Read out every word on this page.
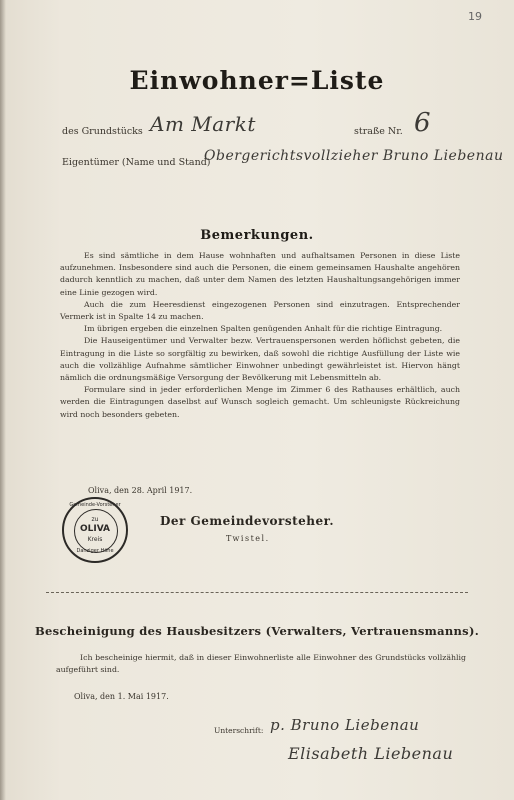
19
Einwohner=Liste
des Grundstücks Am Markt	straße Nr. 6
Eigentümer (Name und Stand)
Obergerichtsvollzieher Bruno Liebenau
Bemerkungen.

Es sind sämtliche in dem Hause wohnhaften und aufhaltsamen Personen in diese Liste aufzunehmen. Insbesondere sind auch die Personen, die einem gemeinsamen Haushalte angehören dadurch kenntlich zu machen, daß unter dem Namen des letzten Haushaltungsangehörigen immer eine Linie gezogen wird.

Auch die zum Heeresdienst eingezogenen Personen sind einzutragen. Entsprechender Vermerk ist in Spalte 14 zu machen.

Im übrigen ergeben die einzelnen Spalten genügenden Anhalt für die richtige Eintragung.

Die Hauseigentümer und Verwalter bezw. Vertrauenspersonen werden höflichst gebeten, die Eintragung in die Liste so sorgfältig zu bewirken, daß sowohl die richtige Ausfüllung der Liste wie auch die vollzählige Aufnahme sämtlicher Einwohner unbedingt gewährleistet ist. Hiervon hängt nämlich die ordnungsmäßige Versorgung der Bevölkerung mit Lebensmitteln ab.

Formulare sind in jeder erforderlichen Menge im Zimmer 6 des Rathauses erhältlich, auch werden die Eintragungen daselbst auf Wunsch sogleich gemacht. Um schleunigste Rückreichung wird noch besonders gebeten.

Oliva, den 28. April 1917.
Gemeinde-Vorsteher
zu
OLIVA
Kreis
Danziger Höhe
Der Gemeindevorsteher.
Twistel.
Bescheinigung des Hausbesitzers (Verwalters, Vertrauensmanns).

Ich bescheinige hiermit, daß in dieser Einwohnerliste alle Einwohner des Grundstücks vollzählig aufgeführt sind.

Oliva, den 1. Mai 1917.
Unterschrift: p. Bruno Liebenau
Elisabeth Liebenau
